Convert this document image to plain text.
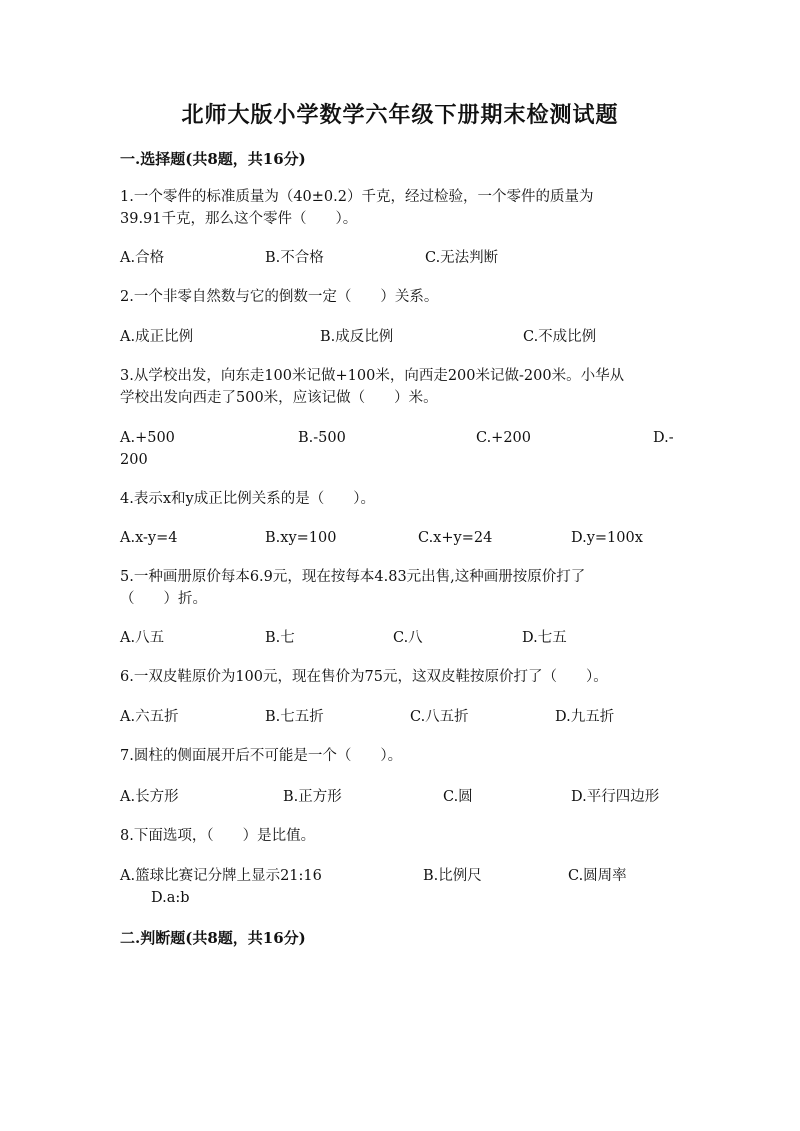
北师大版小学数学六年级下册期末检测试题
一.选择题(共8题，共16分)
1.一个零件的标准质量为（40±0.2）千克，经过检验，一个零件的质量为
39.91千克，那么这个零件（　　）。
A.合格	B.不合格	C.无法判断
2.一个非零自然数与它的倒数一定（　　）关系。
A.成正比例	B.成反比例	C.不成比例
3.从学校出发，向东走100米记做+100米，向西走200米记做-200米。小华从
学校出发向西走了500米，应该记做（　　）米。
A.+500	B.-500	C.+200	D.-
200
4.表示x和y成正比例关系的是（　　）。
A.x-y=4	B.xy=100	C.x+y=24	D.y=100x
5.一种画册原价每本6.9元，现在按每本4.83元出售,这种画册按原价打了
（　　）折。
A.八五	B.七	C.八	D.七五
6.一双皮鞋原价为100元，现在售价为75元，这双皮鞋按原价打了（　　）。
A.六五折	B.七五折	C.八五折	D.九五折
7.圆柱的侧面展开后不可能是一个（　　）。
A.长方形	B.正方形	C.圆	D.平行四边形
8.下面选项，（　　）是比值。
A.篮球比赛记分牌上显示21:16	B.比例尺	C.圆周率
D.a:b
二.判断题(共8题，共16分)
